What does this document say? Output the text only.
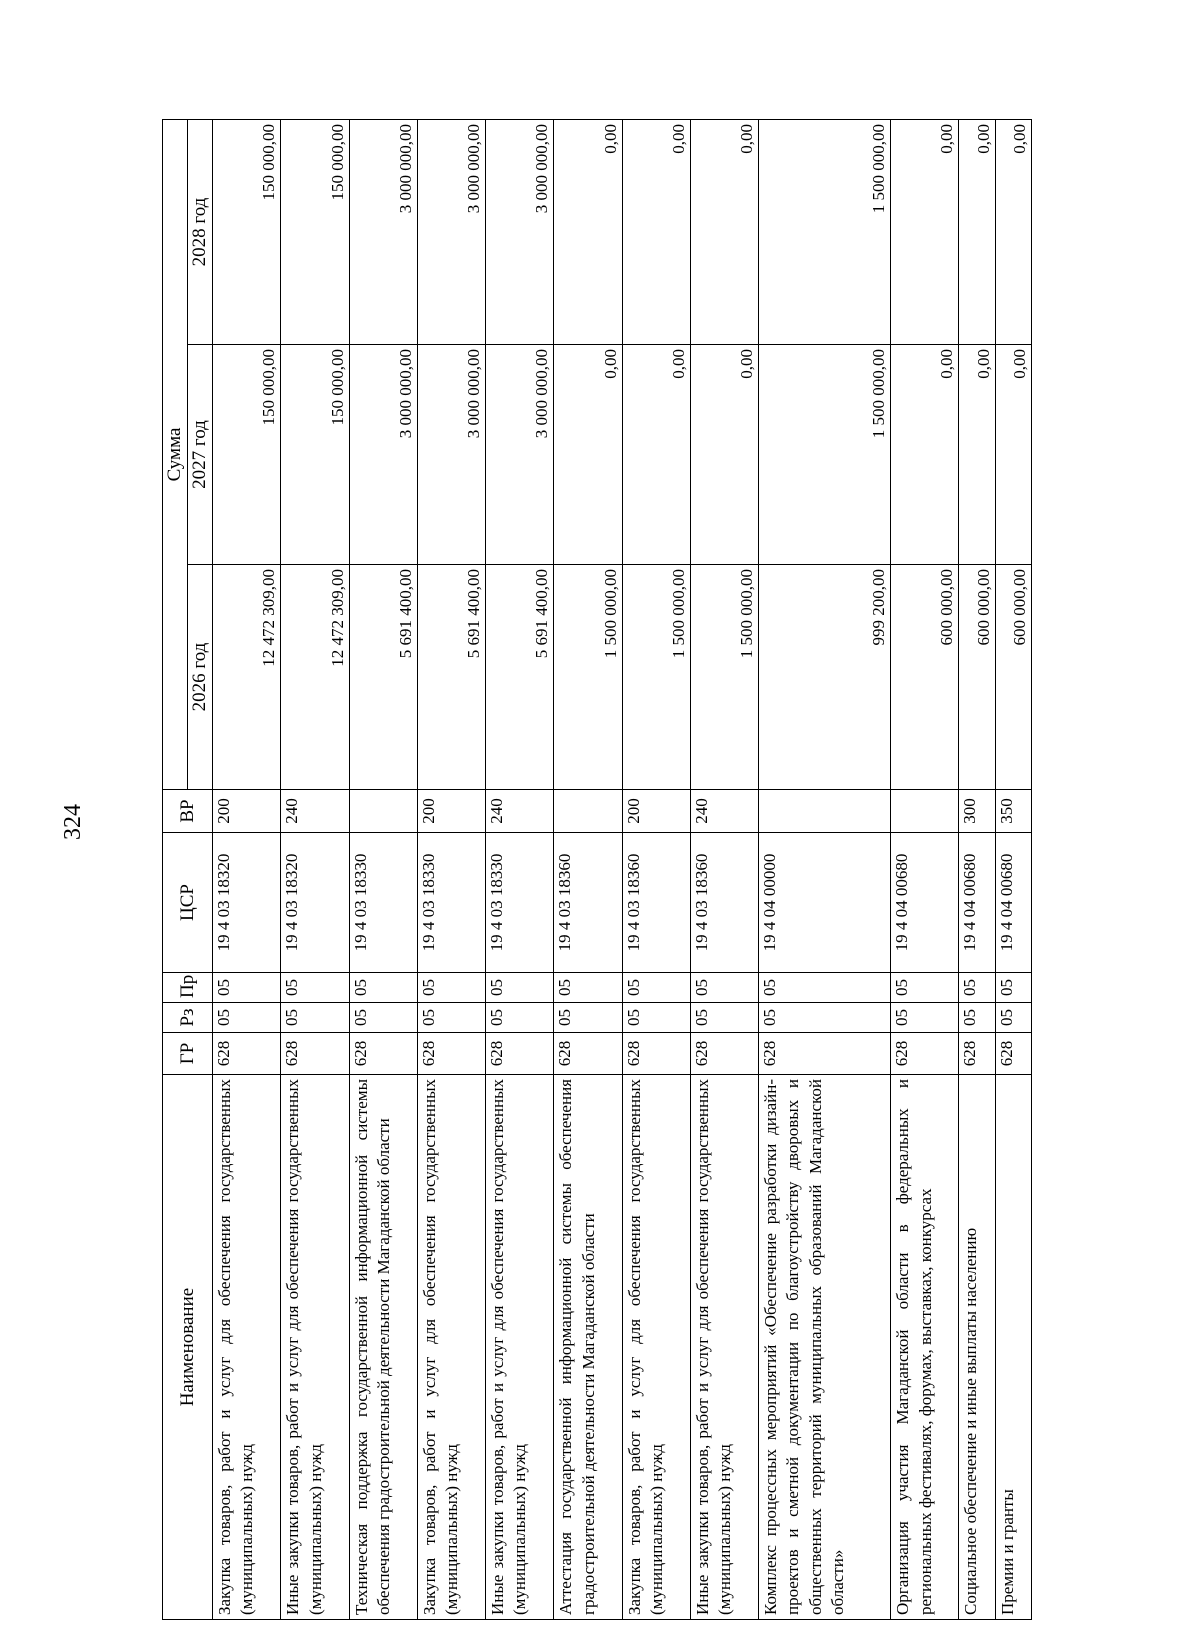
324
Наименование	ГР	Рз	Пр	ЦСР	ВР	Сумма		
						2026 год	2027 год	2028 год
Закупка товаров, работ и услуг для обеспечения государственных (муниципальных) нужд	628	05	05	19 4 03 18320	200	12 472 309,00	150 000,00	150 000,00
Иные закупки товаров, работ и услуг для обеспечения государственных (муниципальных) нужд	628	05	05	19 4 03 18320	240	12 472 309,00	150 000,00	150 000,00
Техническая поддержка государственной информационной системы обеспечения градостроительной деятельности Магаданской области	628	05	05	19 4 03 18330		5 691 400,00	3 000 000,00	3 000 000,00
Закупка товаров, работ и услуг для обеспечения государственных (муниципальных) нужд	628	05	05	19 4 03 18330	200	5 691 400,00	3 000 000,00	3 000 000,00
Иные закупки товаров, работ и услуг для обеспечения государственных (муниципальных) нужд	628	05	05	19 4 03 18330	240	5 691 400,00	3 000 000,00	3 000 000,00
Аттестация государственной информационной системы обеспечения градостроительной деятельности Магаданской области	628	05	05	19 4 03 18360		1 500 000,00	0,00	0,00
Закупка товаров, работ и услуг для обеспечения государственных (муниципальных) нужд	628	05	05	19 4 03 18360	200	1 500 000,00	0,00	0,00
Иные закупки товаров, работ и услуг для обеспечения государственных (муниципальных) нужд	628	05	05	19 4 03 18360	240	1 500 000,00	0,00	0,00
Комплекс процессных мероприятий «Обеспечение разработки дизайн-проектов и сметной документации по благоустройству дворовых и общественных территорий муниципальных образований Магаданской области»	628	05	05	19 4 04 00000		999 200,00	1 500 000,00	1 500 000,00
Организация участия Магаданской области в федеральных и региональных фестивалях, форумах, выставках, конкурсах	628	05	05	19 4 04 00680		600 000,00	0,00	0,00
Социальное обеспечение и иные выплаты населению	628	05	05	19 4 04 00680	300	600 000,00	0,00	0,00
Премии и гранты	628	05	05	19 4 04 00680	350	600 000,00	0,00	0,00
